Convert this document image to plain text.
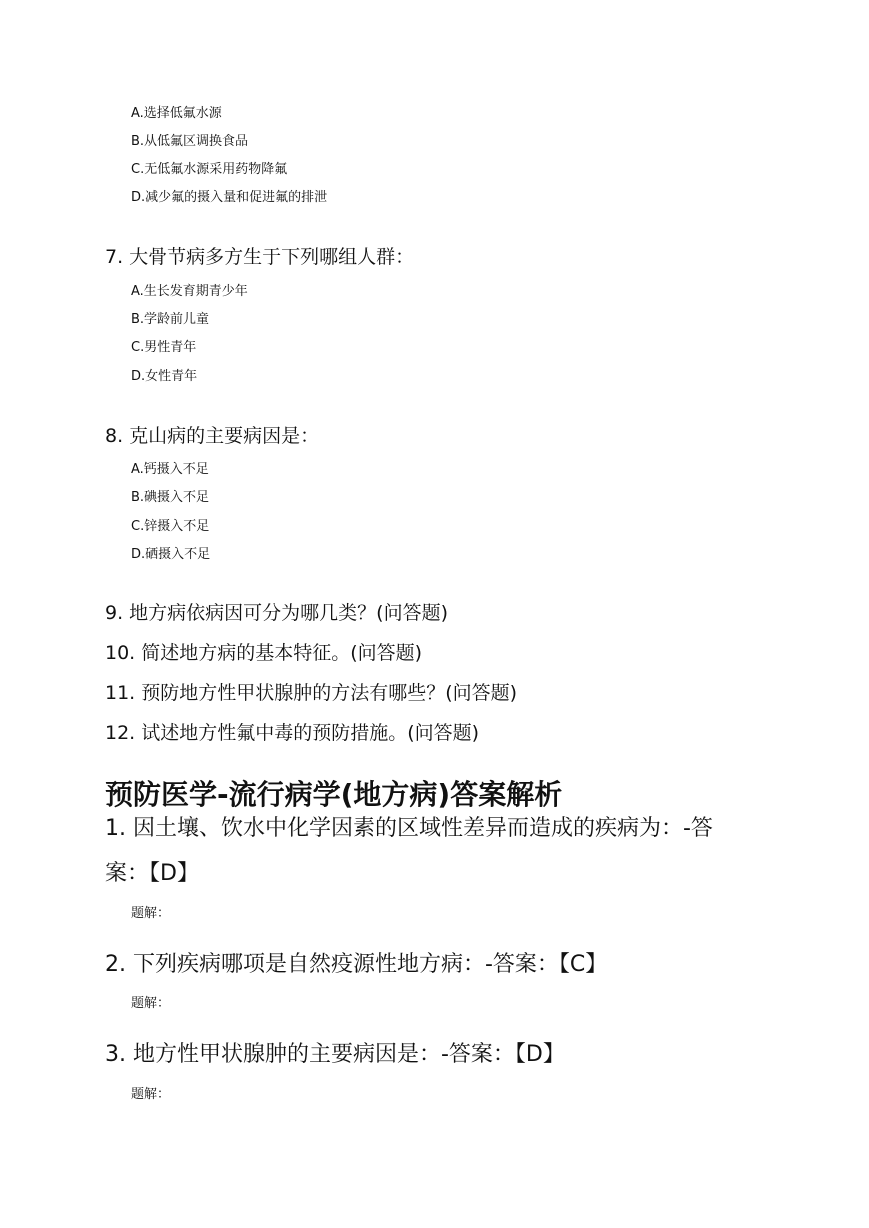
A.选择低氟水源
B.从低氟区调换食品
C.无低氟水源采用药物降氟
D.减少氟的摄入量和促进氟的排泄
7. 大骨节病多方生于下列哪组人群：
A.生长发育期青少年
B.学龄前儿童
C.男性青年
D.女性青年
8. 克山病的主要病因是：
A.钙摄入不足
B.碘摄入不足
C.锌摄入不足
D.硒摄入不足
9. 地方病依病因可分为哪几类？(问答题)
10. 简述地方病的基本特征。(问答题)
11. 预防地方性甲状腺肿的方法有哪些？(问答题)
12. 试述地方性氟中毒的预防措施。(问答题)
预防医学-流行病学(地方病)答案解析
1. 因土壤、饮水中化学因素的区域性差异而造成的疾病为：-答
案：【D】
题解：
2. 下列疾病哪项是自然疫源性地方病：-答案：【C】
题解：
3. 地方性甲状腺肿的主要病因是：-答案：【D】
题解：
